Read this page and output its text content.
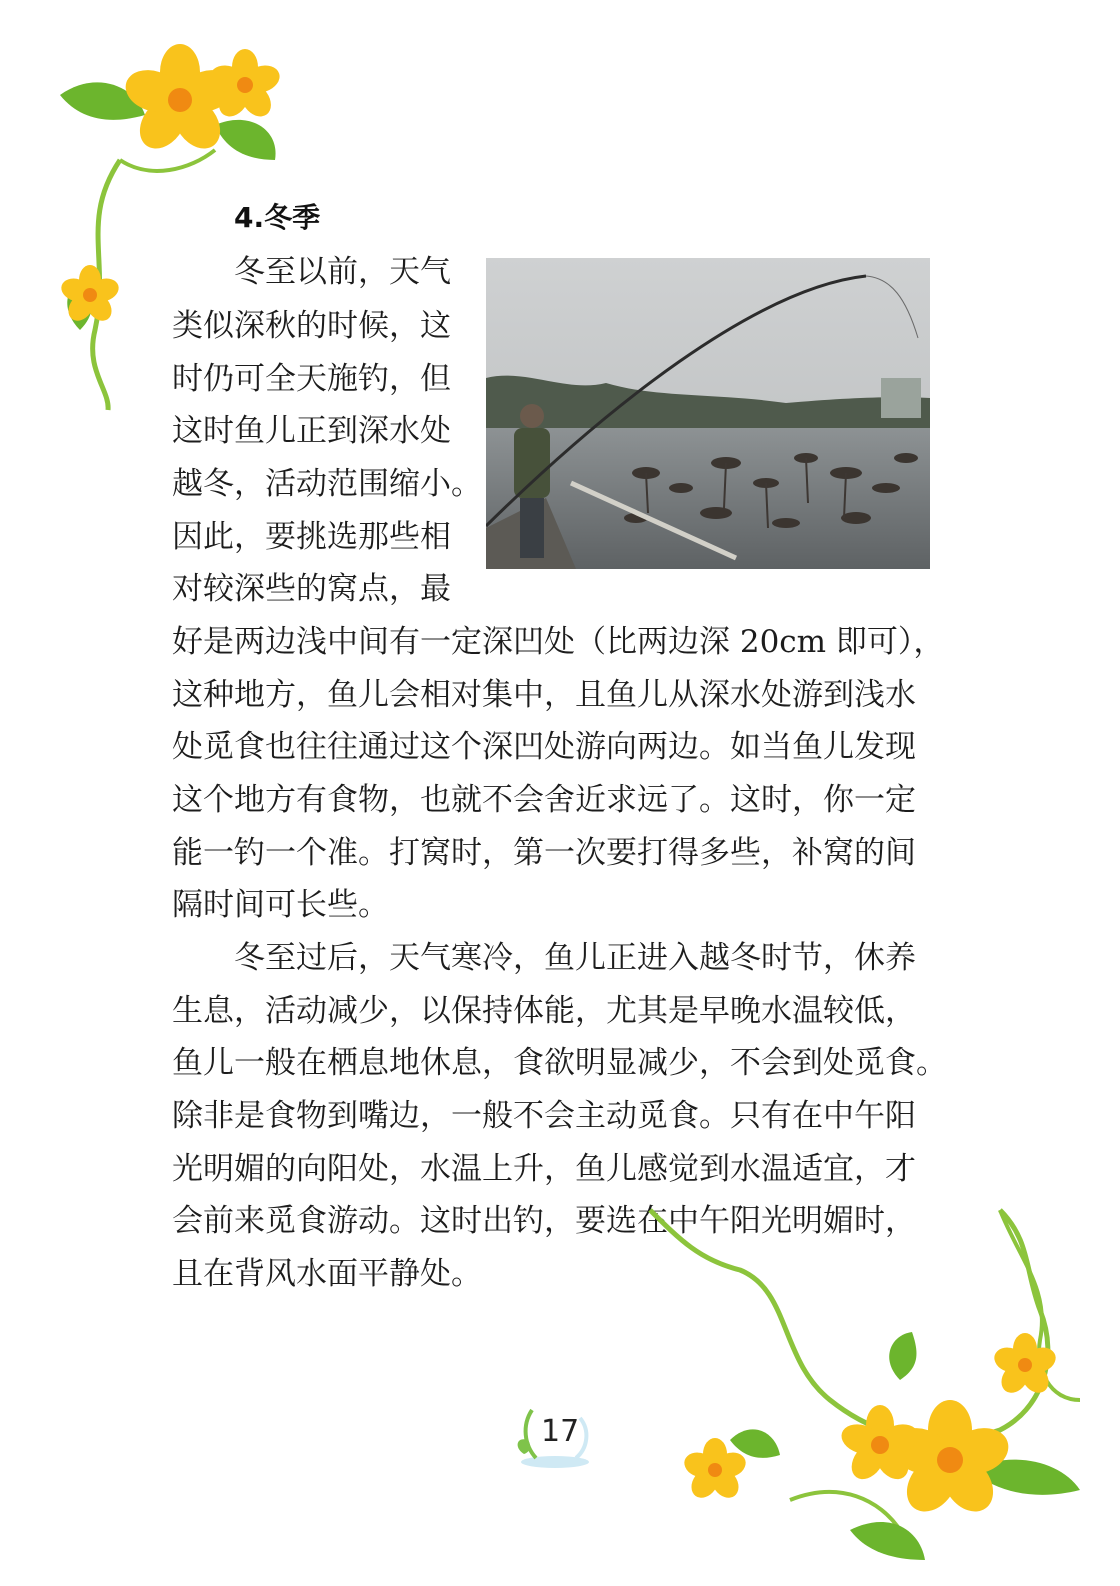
4.冬季
冬至以前，天气
类似深秋的时候，这
时仍可全天施钓，但
这时鱼儿正到深水处
越冬，活动范围缩小。
因此，要挑选那些相
对较深些的窝点，最
好是两边浅中间有一定深凹处（比两边深 20cm 即可），
这种地方，鱼儿会相对集中，且鱼儿从深水处游到浅水
处觅食也往往通过这个深凹处游向两边。如当鱼儿发现
这个地方有食物，也就不会舍近求远了。这时，你一定
能一钓一个准。打窝时，第一次要打得多些，补窝的间
隔时间可长些。
冬至过后，天气寒冷，鱼儿正进入越冬时节，休养
生息，活动减少，以保持体能，尤其是早晚水温较低，
鱼儿一般在栖息地休息，食欲明显减少，不会到处觅食。
除非是食物到嘴边，一般不会主动觅食。只有在中午阳
光明媚的向阳处，水温上升，鱼儿感觉到水温适宜，才
会前来觅食游动。这时出钓，要选在中午阳光明媚时，
且在背风水面平静处。
17
